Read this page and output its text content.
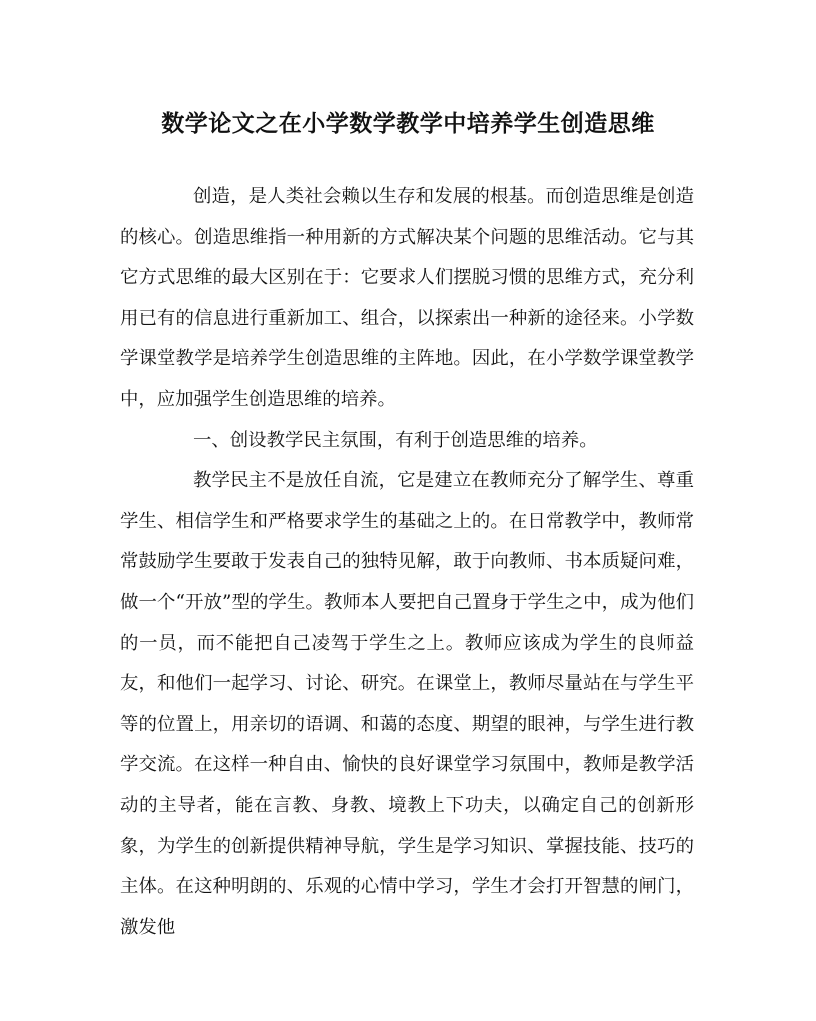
数学论文之在小学数学教学中培养学生创造思维

创造，是人类社会赖以生存和发展的根基。而创造思维是创造的核心。创造思维指一种用新的方式解决某个问题的思维活动。它与其它方式思维的最大区别在于：它要求人们摆脱习惯的思维方式，充分利用已有的信息进行重新加工、组合，以探索出一种新的途径来。小学数学课堂教学是培养学生创造思维的主阵地。因此，在小学数学课堂教学中，应加强学生创造思维的培养。

一、创设教学民主氛围，有利于创造思维的培养。

教学民主不是放任自流，它是建立在教师充分了解学生、尊重学生、相信学生和严格要求学生的基础之上的。在日常教学中，教师常常鼓励学生要敢于发表自己的独特见解，敢于向教师、书本质疑问难，做一个“开放”型的学生。教师本人要把自己置身于学生之中，成为他们的一员，而不能把自己凌驾于学生之上。教师应该成为学生的良师益友，和他们一起学习、讨论、研究。在课堂上，教师尽量站在与学生平等的位置上，用亲切的语调、和蔼的态度、期望的眼神，与学生进行教学交流。在这样一种自由、愉快的良好课堂学习氛围中，教师是教学活动的主导者，能在言教、身教、境教上下功夫，以确定自己的创新形象，为学生的创新提供精神导航，学生是学习知识、掌握技能、技巧的主体。在这种明朗的、乐观的心情中学习，学生才会打开智慧的闸门，激发他
